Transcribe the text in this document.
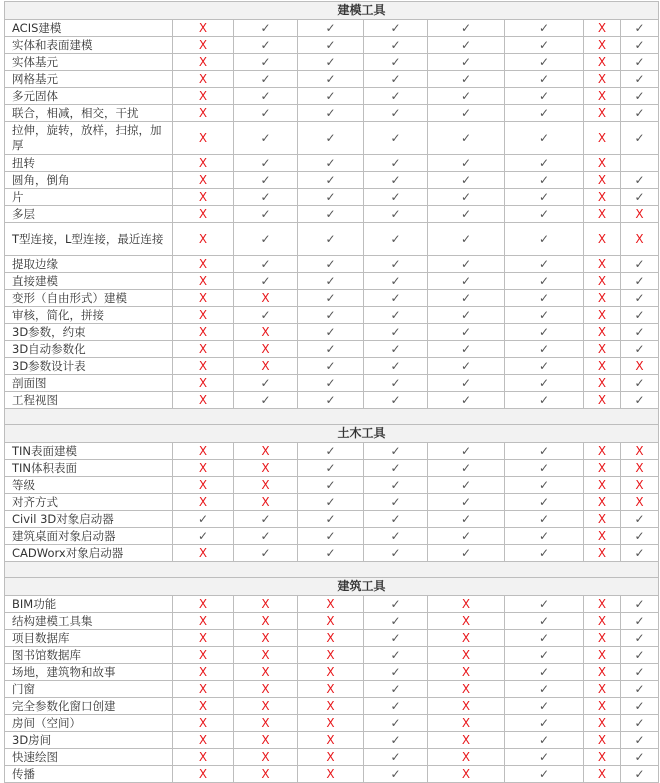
建模工具								
ACIS建模	X	✓	✓	✓	✓	✓	X	✓
实体和表面建模	X	✓	✓	✓	✓	✓	X	✓
实体基元	X	✓	✓	✓	✓	✓	X	✓
网格基元	X	✓	✓	✓	✓	✓	X	✓
多元固体	X	✓	✓	✓	✓	✓	X	✓
联合，相减，相交，干扰	X	✓	✓	✓	✓	✓	X	✓
拉伸，旋转，放样，扫掠，加厚	X	✓	✓	✓	✓	✓	X	✓
扭转	X	✓	✓	✓	✓	✓	X	
圆角，倒角	X	✓	✓	✓	✓	✓	X	✓
片	X	✓	✓	✓	✓	✓	X	✓
多层	X	✓	✓	✓	✓	✓	X	X
T型连接，L型连接，最近连接	X	✓	✓	✓	✓	✓	X	X
提取边缘	X	✓	✓	✓	✓	✓	X	✓
直接建模	X	✓	✓	✓	✓	✓	X	✓
变形（自由形式）建模	X	X	✓	✓	✓	✓	X	✓
审核，简化，拼接	X	✓	✓	✓	✓	✓	X	✓
3D参数，约束	X	X	✓	✓	✓	✓	X	✓
3D自动参数化	X	X	✓	✓	✓	✓	X	✓
3D参数设计表	X	X	✓	✓	✓	✓	X	X
剖面图	X	✓	✓	✓	✓	✓	X	✓
工程视图	X	✓	✓	✓	✓	✓	X	✓

土木工具								
TIN表面建模	X	X	✓	✓	✓	✓	X	X
TIN体积表面	X	X	✓	✓	✓	✓	X	X
等级	X	X	✓	✓	✓	✓	X	X
对齐方式	X	X	✓	✓	✓	✓	X	X
Civil 3D对象启动器	✓	✓	✓	✓	✓	✓	X	✓
建筑桌面对象启动器	✓	✓	✓	✓	✓	✓	X	✓
CADWorx对象启动器	X	✓	✓	✓	✓	✓	X	✓

建筑工具								
BIM功能	X	X	X	✓	X	✓	X	✓
结构建模工具集	X	X	X	✓	X	✓	X	✓
项目数据库	X	X	X	✓	X	✓	X	✓
图书馆数据库	X	X	X	✓	X	✓	X	✓
场地，建筑物和故事	X	X	X	✓	X	✓	X	✓
门窗	X	X	X	✓	X	✓	X	✓
完全参数化窗口创建	X	X	X	✓	X	✓	X	✓
房间（空间）	X	X	X	✓	X	✓	X	✓
3D房间	X	X	X	✓	X	✓	X	✓
快速绘图	X	X	X	✓	X	✓	X	✓
传播	X	X	X	✓	X	✓	X	✓
